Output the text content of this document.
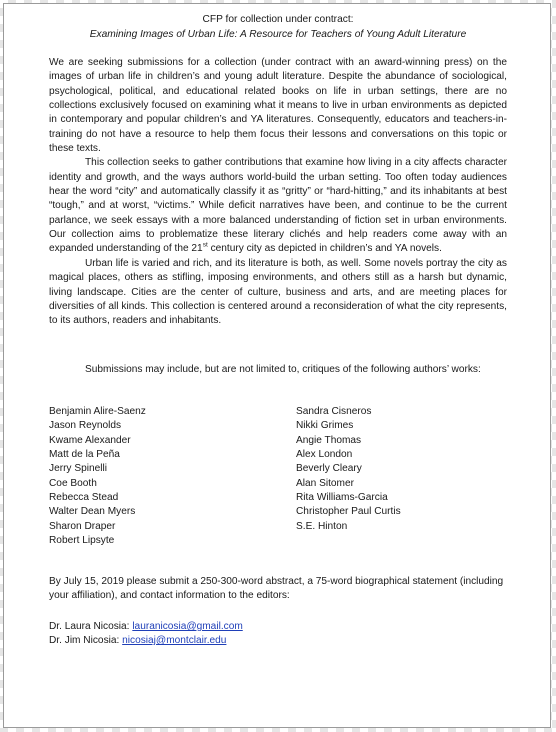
CFP for collection under contract:
Examining Images of Urban Life: A Resource for Teachers of Young Adult Literature

We are seeking submissions for a collection (under contract with an award-winning press) on the images of urban life in children’s and young adult literature. Despite the abundance of sociological, psychological, political, and educational related books on life in urban settings, there are no collections exclusively focused on examining what it means to live in urban environments as depicted in contemporary and popular children’s and YA literatures. Consequently, educators and teachers-in-training do not have a resource to help them focus their lessons and conversations on this topic or these texts.

This collection seeks to gather contributions that examine how living in a city affects character identity and growth, and the ways authors world-build the urban setting. Too often today audiences hear the word “city” and automatically classify it as “gritty” or “hard-hitting,” and its inhabitants at best “tough,” and at worst, “victims.” While deficit narratives have been, and continue to be the current parlance, we seek essays with a more balanced understanding of fiction set in urban environments. Our collection aims to problematize these literary clichés and help readers come away with an expanded understanding of the 21st century city as depicted in children’s and YA novels.

Urban life is varied and rich, and its literature is both, as well. Some novels portray the city as magical places, others as stifling, imposing environments, and others still as a harsh but dynamic, living landscape. Cities are the center of culture, business and arts, and are meeting places for diversities of all kinds. This collection is centered around a reconsideration of what the city represents, to its authors, readers and inhabitants.

Submissions may include, but are not limited to, critiques of the following authors’ works:
Benjamin Alire-Saenz
Jason Reynolds
Kwame Alexander
Matt de la Peña
Jerry Spinelli
Coe Booth
Rebecca Stead
Walter Dean Myers
Sharon Draper
Robert Lipsyte
Sandra Cisneros
Nikki Grimes
Angie Thomas
Alex London
Beverly Cleary
Alan Sitomer
Rita Williams-Garcia
Christopher Paul Curtis
S.E. Hinton
By July 15, 2019 please submit a 250-300-word abstract, a 75-word biographical statement (including your affiliation), and contact information to the editors:
Dr. Laura Nicosia: lauranicosia@gmail.com
Dr. Jim Nicosia: nicosiaj@montclair.edu
